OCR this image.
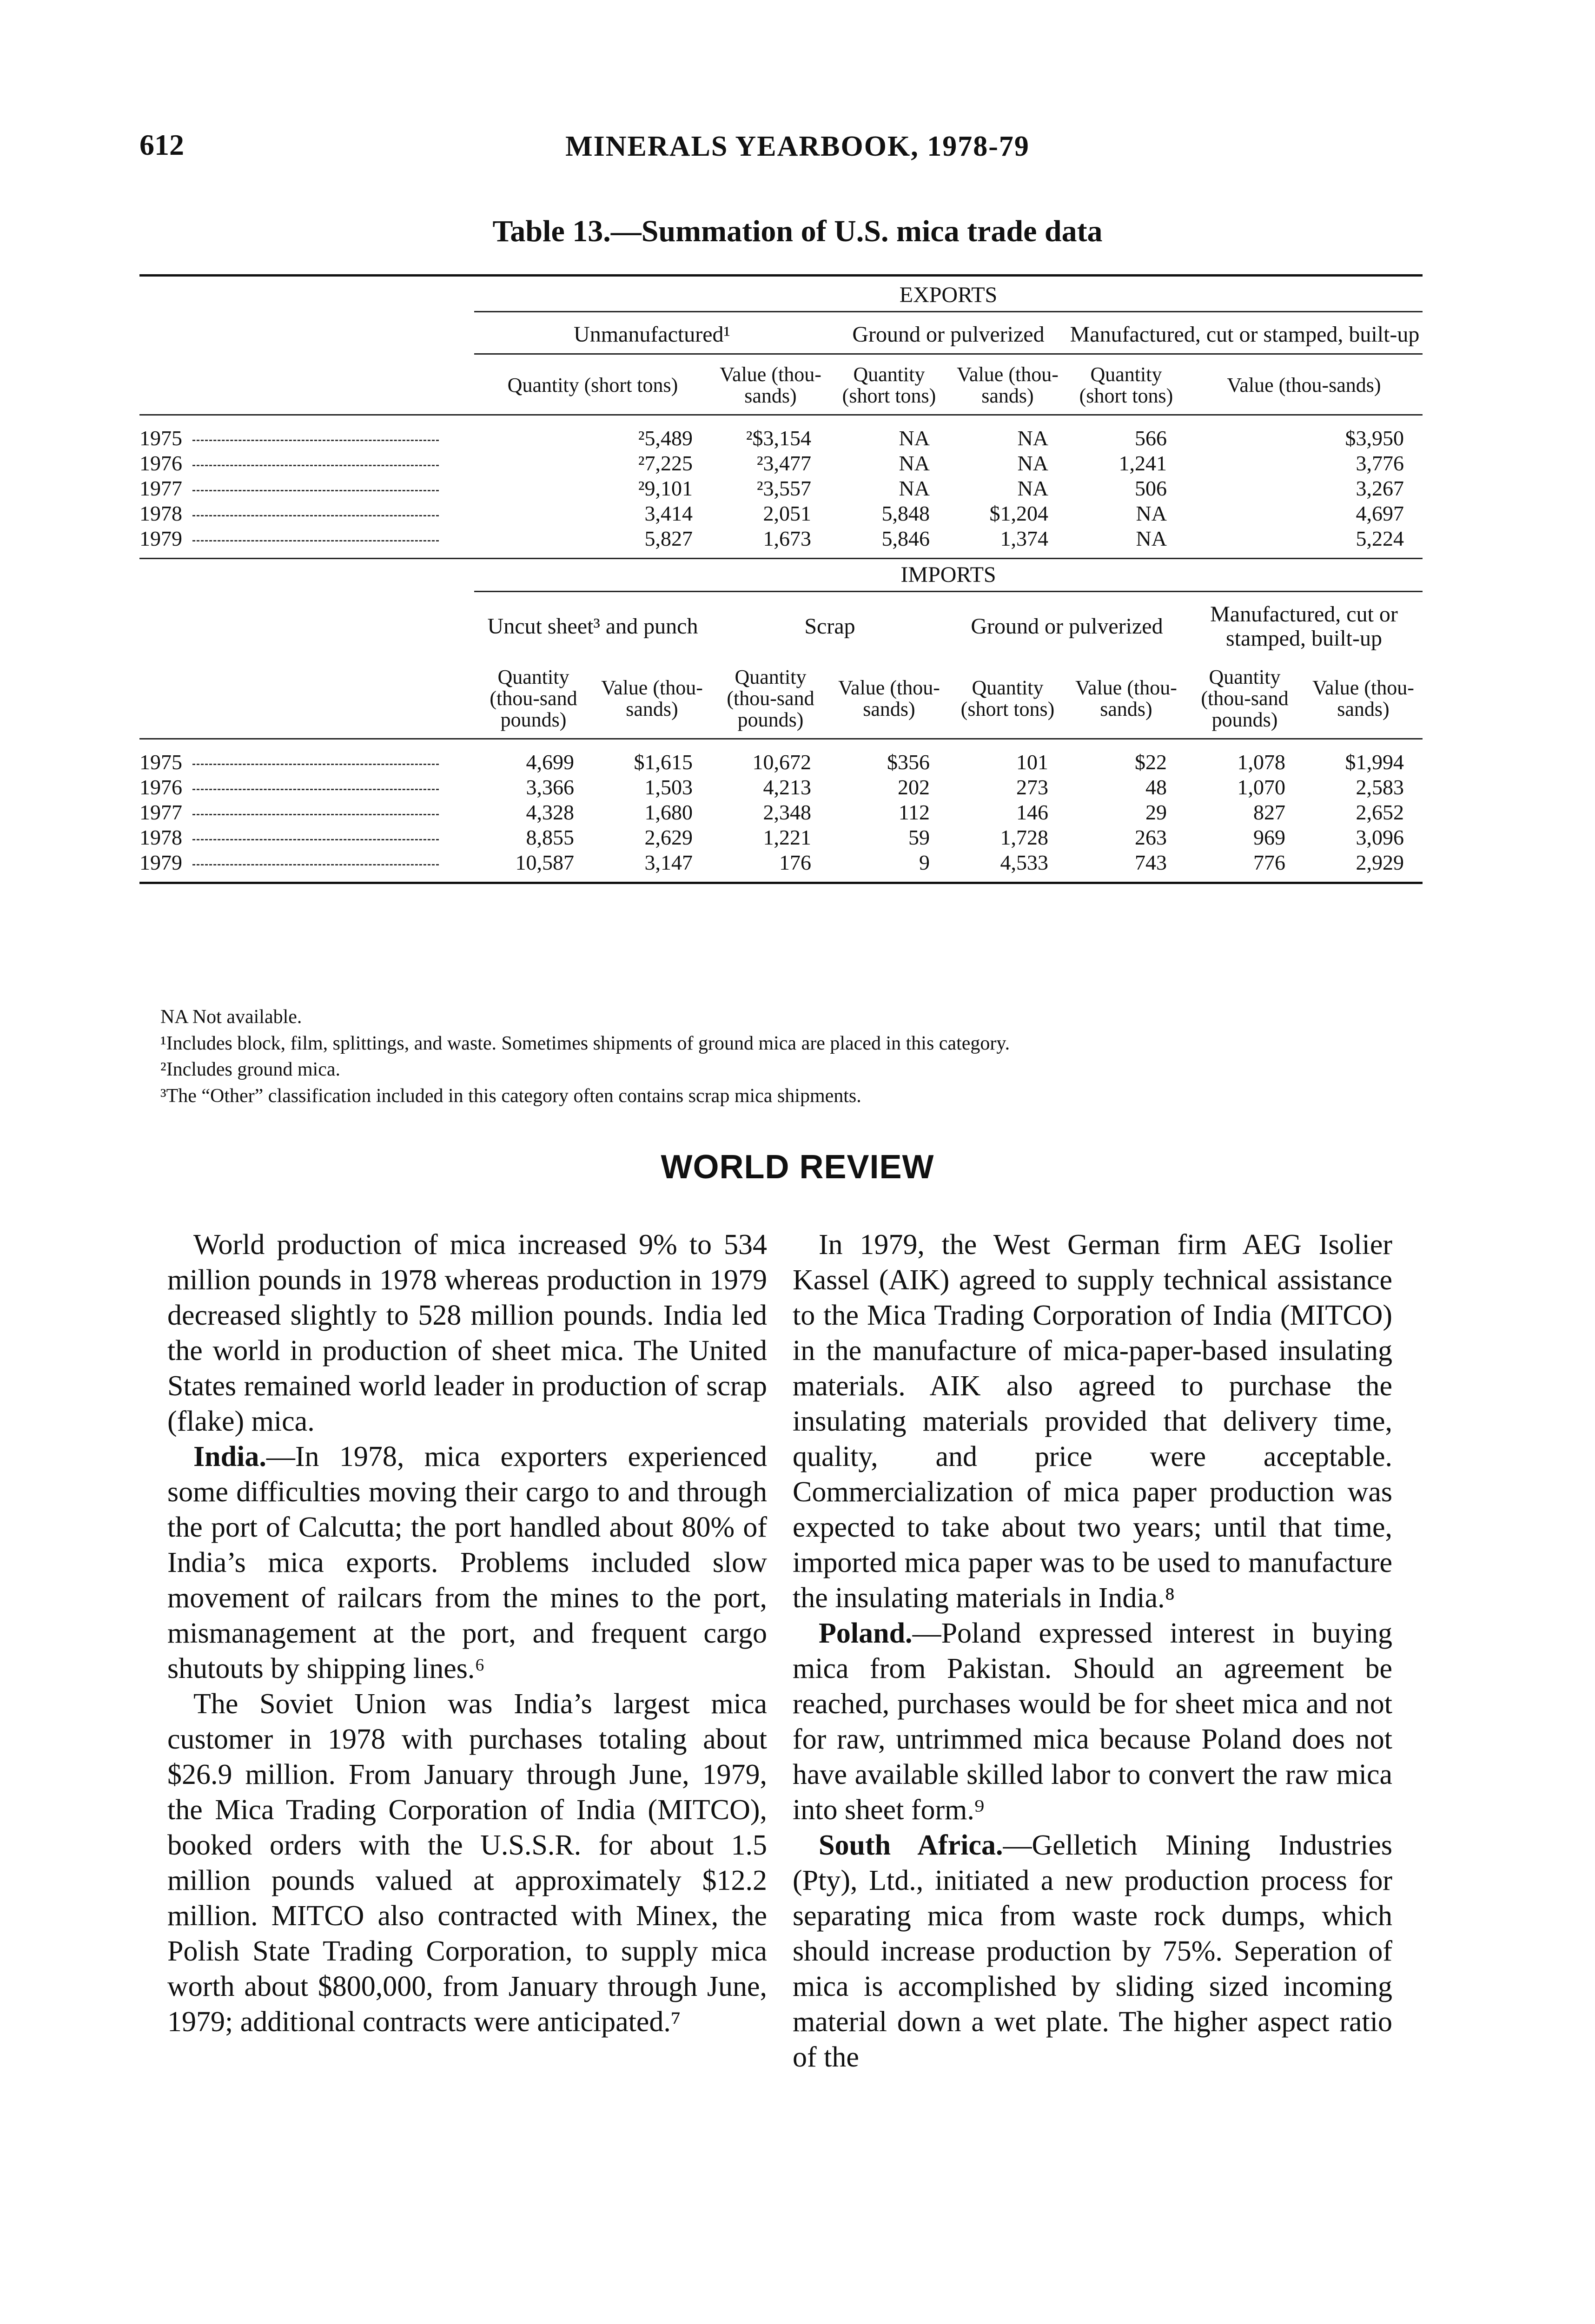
612	MINERALS YEARBOOK, 1978-79
Table 13.—Summation of U.S. mica trade data

	EXPORTS							
	Unmanufactured¹			Ground or pulverized		Manufactured, cut or stamped, built-up		
	Quantity (short tons)		Value (thou-sands)	Quantity (short tons)	Value (thou-sands)	Quantity (short tons)	Value (thou-sands)	
1975	²5,489		²$3,154	NA	NA	566	$3,950	
1976	²7,225		²3,477	NA	NA	1,241	3,776	
1977	²9,101		²3,557	NA	NA	506	3,267	
1978	3,414		2,051	5,848	$1,204	NA	4,697	
1979	5,827		1,673	5,846	1,374	NA	5,224	
	IMPORTS							
	Uncut sheet³ and punch		Scrap		Ground or pulverized		Manufactured, cut or stamped, built-up	
	Quantity (thou-sand pounds)	Value (thou-sands)	Quantity (thou-sand pounds)	Value (thou-sands)	Quantity (short tons)	Value (thou-sands)	Quantity (thou-sand pounds)	Value (thou-sands)
1975	4,699	$1,615	10,672	$356	101	$22	1,078	$1,994
1976	3,366	1,503	4,213	202	273	48	1,070	2,583
1977	4,328	1,680	2,348	112	146	29	827	2,652
1978	8,855	2,629	1,221	59	1,728	263	969	3,096
1979	10,587	3,147	176	9	4,533	743	776	2,929
NA Not available.
¹Includes block, film, splittings, and waste. Sometimes shipments of ground mica are placed in this category.
²Includes ground mica.
³The “Other” classification included in this category often contains scrap mica shipments.
WORLD REVIEW

World production of mica increased 9% to 534 million pounds in 1978 whereas production in 1979 decreased slightly to 528 million pounds. India led the world in production of sheet mica. The United States remained world leader in production of scrap (flake) mica.

India.—In 1978, mica exporters experienced some difficulties moving their cargo to and through the port of Calcutta; the port handled about 80% of India’s mica exports. Problems included slow movement of railcars from the mines to the port, mismanagement at the port, and frequent cargo shutouts by shipping lines.⁶

The Soviet Union was India’s largest mica customer in 1978 with purchases totaling about $26.9 million. From January through June, 1979, the Mica Trading Corporation of India (MITCO), booked orders with the U.S.S.R. for about 1.5 million pounds valued at approximately $12.2 million. MITCO also contracted with Minex, the Polish State Trading Corporation, to supply mica worth about $800,000, from January through June, 1979; additional contracts were anticipated.⁷

In 1979, the West German firm AEG Isolier Kassel (AIK) agreed to supply technical assistance to the Mica Trading Corporation of India (MITCO) in the manufacture of mica-paper-based insulating materials. AIK also agreed to purchase the insulating materials provided that delivery time, quality, and price were acceptable. Commercialization of mica paper production was expected to take about two years; until that time, imported mica paper was to be used to manufacture the insulating materials in India.⁸

Poland.—Poland expressed interest in buying mica from Pakistan. Should an agreement be reached, purchases would be for sheet mica and not for raw, untrimmed mica because Poland does not have available skilled labor to convert the raw mica into sheet form.⁹

South Africa.—Gelletich Mining Industries (Pty), Ltd., initiated a new production process for separating mica from waste rock dumps, which should increase production by 75%. Seperation of mica is accomplished by sliding sized incoming material down a wet plate. The higher aspect ratio of the
